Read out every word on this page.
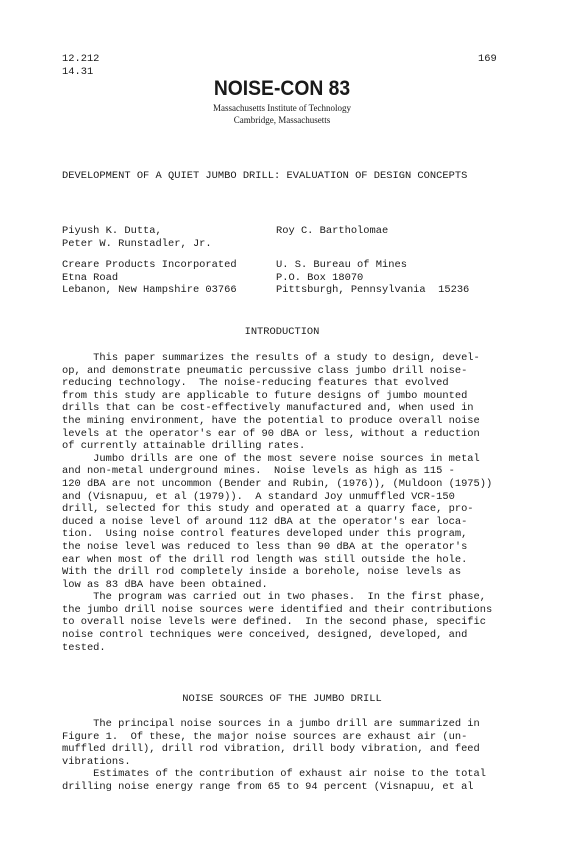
12.212
14.31
169
NOISE-CON 83
Massachusetts Institute of Technology
Cambridge, Massachusetts
DEVELOPMENT OF A QUIET JUMBO DRILL: EVALUATION OF DESIGN CONCEPTS
Piyush K. Dutta,
Peter W. Runstadler, Jr.
Roy C. Bartholomae
Creare Products Incorporated
Etna Road
Lebanon, New Hampshire 03766
U. S. Bureau of Mines
P.O. Box 18070
Pittsburgh, Pennsylvania  15236
INTRODUCTION
This paper summarizes the results of a study to design, devel-
op, and demonstrate pneumatic percussive class jumbo drill noise-
reducing technology.  The noise-reducing features that evolved
from this study are applicable to future designs of jumbo mounted
drills that can be cost-effectively manufactured and, when used in
the mining environment, have the potential to produce overall noise
levels at the operator's ear of 90 dBA or less, without a reduction
of currently attainable drilling rates.
Jumbo drills are one of the most severe noise sources in metal
and non-metal underground mines.  Noise levels as high as 115 -
120 dBA are not uncommon (Bender and Rubin, (1976)), (Muldoon (1975))
and (Visnapuu, et al (1979)).  A standard Joy unmuffled VCR-150
drill, selected for this study and operated at a quarry face, pro-
duced a noise level of around 112 dBA at the operator's ear loca-
tion.  Using noise control features developed under this program,
the noise level was reduced to less than 90 dBA at the operator's
ear when most of the drill rod length was still outside the hole.
With the drill rod completely inside a borehole, noise levels as
low as 83 dBA have been obtained.
The program was carried out in two phases.  In the first phase,
the jumbo drill noise sources were identified and their contributions
to overall noise levels were defined.  In the second phase, specific
noise control techniques were conceived, designed, developed, and
tested.
NOISE SOURCES OF THE JUMBO DRILL
The principal noise sources in a jumbo drill are summarized in
Figure 1.  Of these, the major noise sources are exhaust air (un-
muffled drill), drill rod vibration, drill body vibration, and feed
vibrations.
Estimates of the contribution of exhaust air noise to the total
drilling noise energy range from 65 to 94 percent (Visnapuu, et al
